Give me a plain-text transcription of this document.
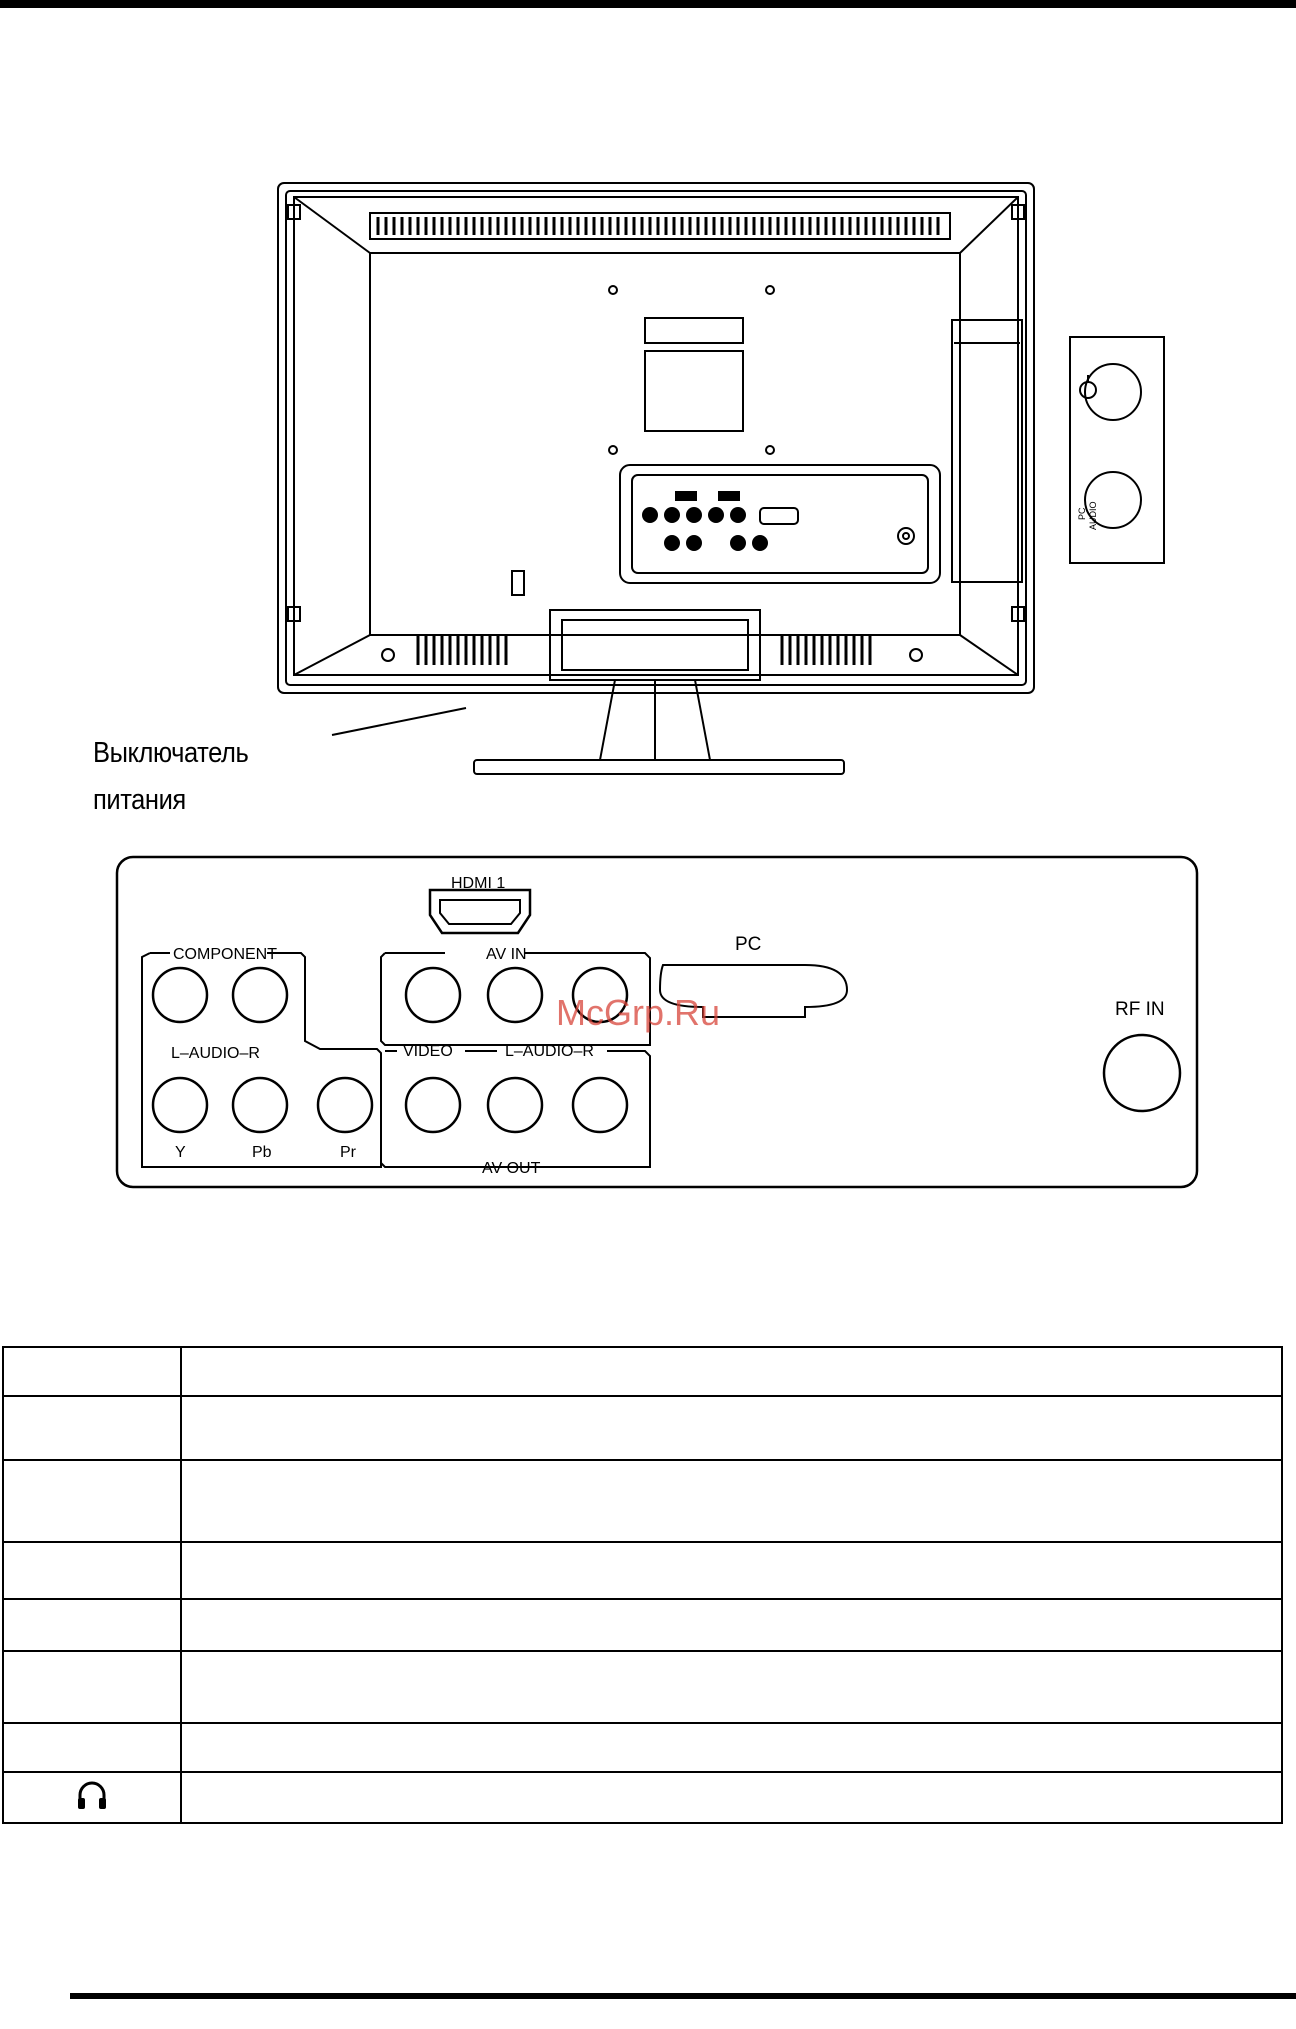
PC AUDIO
Выключатель
питания
HDMI 1
COMPONENT
L–AUDIO–R
Y	Pb	Pr
AV IN
VIDEO	L–AUDIO–R
AV OUT
PC
RF IN
McGrp.Ru
